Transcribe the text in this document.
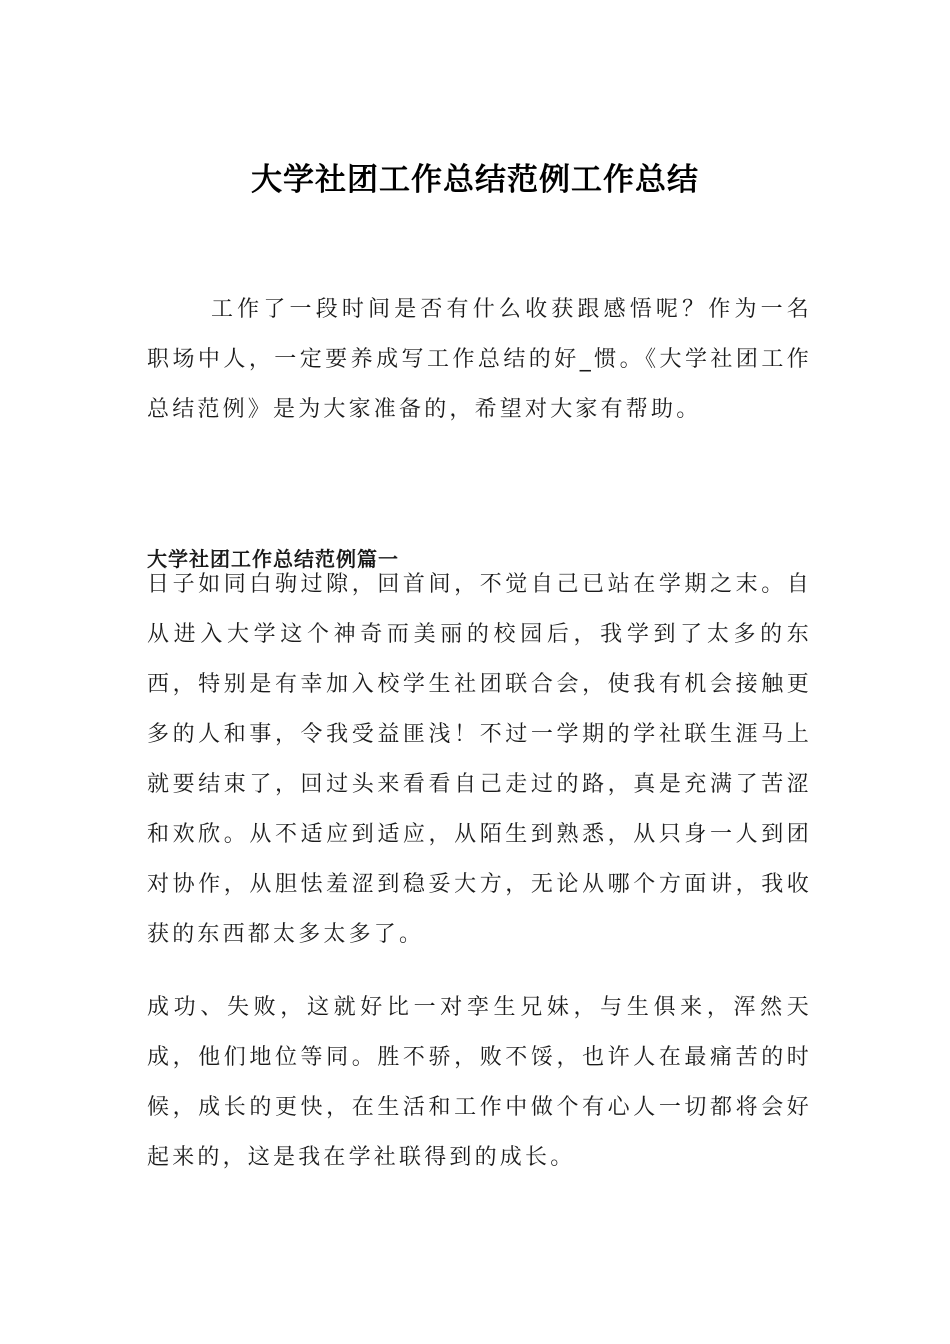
大学社团工作总结范例工作总结

工作了一段时间是否有什么收获跟感悟呢？作为一名职场中人，一定要养成写工作总结的好_惯。《大学社团工作总结范例》是为大家准备的，希望对大家有帮助。

大学社团工作总结范例篇一

日子如同白驹过隙，回首间，不觉自己已站在学期之末。自从进入大学这个神奇而美丽的校园后，我学到了太多的东西，特别是有幸加入校学生社团联合会，使我有机会接触更多的人和事，令我受益匪浅！不过一学期的学社联生涯马上就要结束了，回过头来看看自己走过的路，真是充满了苦涩和欢欣。从不适应到适应，从陌生到熟悉，从只身一人到团对协作，从胆怯羞涩到稳妥大方，无论从哪个方面讲，我收获的东西都太多太多了。

成功、失败，这就好比一对孪生兄妹，与生俱来，浑然天成，他们地位等同。胜不骄，败不馁，也许人在最痛苦的时候，成长的更快，在生活和工作中做个有心人一切都将会好起来的，这是我在学社联得到的成长。
